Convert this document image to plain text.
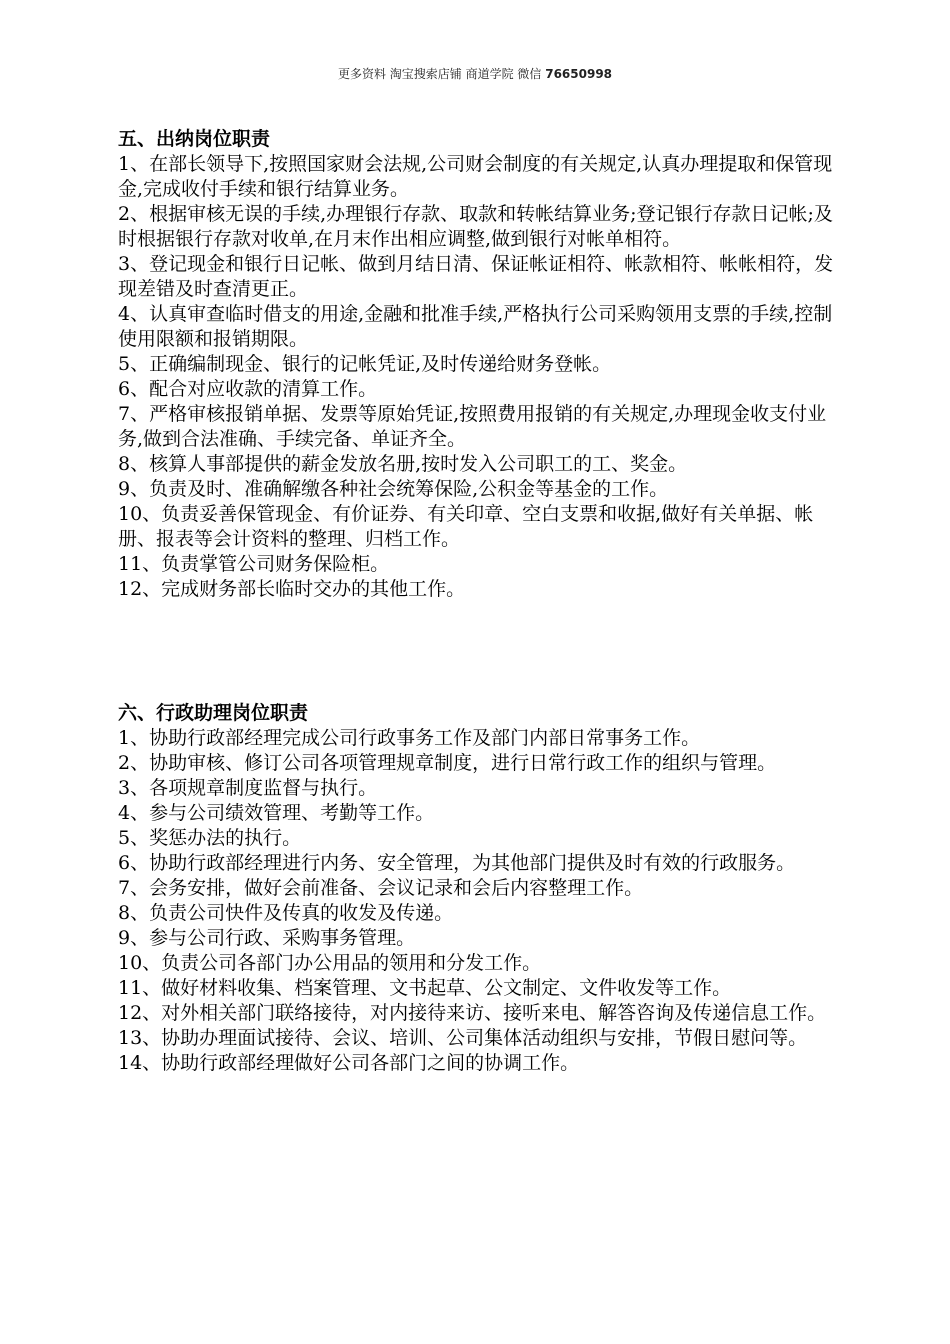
更多资料 淘宝搜索店铺 商道学院 微信 76650998

五、出纳岗位职责

1、在部长领导下,按照国家财会法规,公司财会制度的有关规定,认真办理提取和保管现金,完成收付手续和银行结算业务。

2、根据审核无误的手续,办理银行存款、取款和转帐结算业务;登记银行存款日记帐;及时根据银行存款对收单,在月末作出相应调整,做到银行对帐单相符。

3、登记现金和银行日记帐、做到月结日清、保证帐证相符、帐款相符、帐帐相符，发现差错及时查清更正。

4、认真审查临时借支的用途,金融和批准手续,严格执行公司采购领用支票的手续,控制使用限额和报销期限。

5、正确编制现金、银行的记帐凭证,及时传递给财务登帐。

6、配合对应收款的清算工作。

7、严格审核报销单据、发票等原始凭证,按照费用报销的有关规定,办理现金收支付业务,做到合法准确、手续完备、单证齐全。

8、核算人事部提供的薪金发放名册,按时发入公司职工的工、奖金。

9、负责及时、准确解缴各种社会统筹保险,公积金等基金的工作。

10、负责妥善保管现金、有价证券、有关印章、空白支票和收据,做好有关单据、帐册、报表等会计资料的整理、归档工作。

11、负责掌管公司财务保险柜。

12、完成财务部长临时交办的其他工作。

六、行政助理岗位职责

1、协助行政部经理完成公司行政事务工作及部门内部日常事务工作。

2、协助审核、修订公司各项管理规章制度，进行日常行政工作的组织与管理。

3、各项规章制度监督与执行。

4、参与公司绩效管理、考勤等工作。

5、奖惩办法的执行。

6、协助行政部经理进行内务、安全管理，为其他部门提供及时有效的行政服务。

7、会务安排，做好会前准备、会议记录和会后内容整理工作。

8、负责公司快件及传真的收发及传递。

9、参与公司行政、采购事务管理。

10、负责公司各部门办公用品的领用和分发工作。

11、做好材料收集、档案管理、文书起草、公文制定、文件收发等工作。

12、对外相关部门联络接待，对内接待来访、接听来电、解答咨询及传递信息工作。

13、协助办理面试接待、会议、培训、公司集体活动组织与安排，节假日慰问等。

14、协助行政部经理做好公司各部门之间的协调工作。
